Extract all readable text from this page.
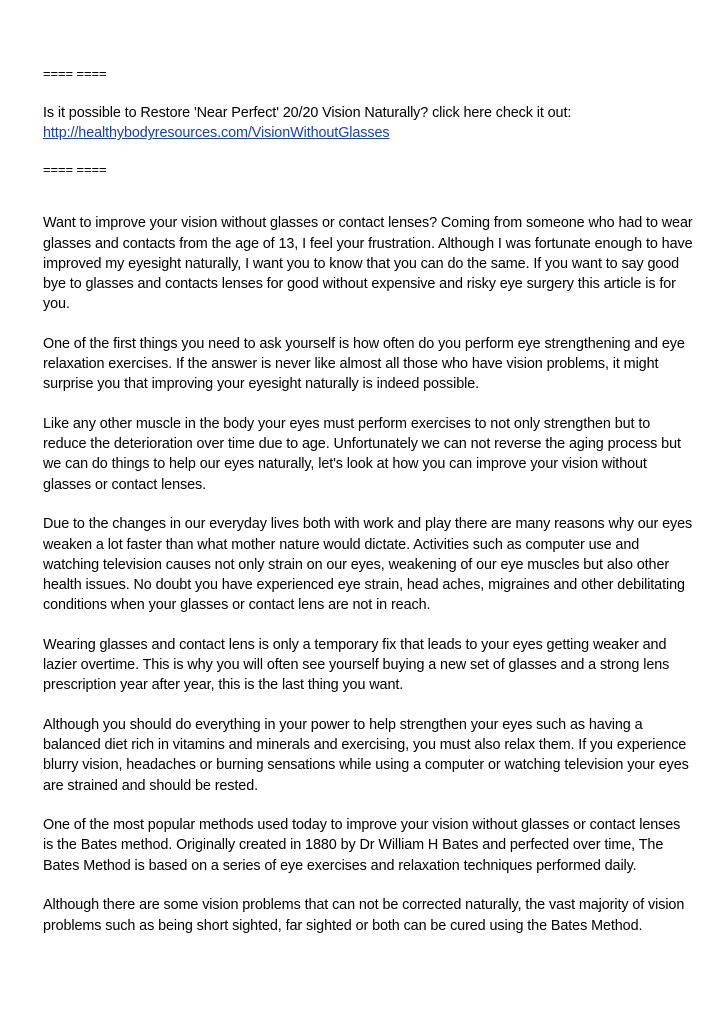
==== ====

Is it possible to Restore 'Near Perfect' 20/20 Vision Naturally? click here check it out:

http://healthybodyresources.com/VisionWithoutGlasses

==== ====

Want to improve your vision without glasses or contact lenses? Coming from someone who had to wear glasses and contacts from the age of 13, I feel your frustration. Although I was fortunate enough to have improved my eyesight naturally, I want you to know that you can do the same. If you want to say good bye to glasses and contacts lenses for good without expensive and risky eye surgery this article is for you.

One of the first things you need to ask yourself is how often do you perform eye strengthening and eye relaxation exercises. If the answer is never like almost all those who have vision problems, it might surprise you that improving your eyesight naturally is indeed possible.

Like any other muscle in the body your eyes must perform exercises to not only strengthen but to reduce the deterioration over time due to age. Unfortunately we can not reverse the aging process but we can do things to help our eyes naturally, let's look at how you can improve your vision without glasses or contact lenses.

Due to the changes in our everyday lives both with work and play there are many reasons why our eyes weaken a lot faster than what mother nature would dictate. Activities such as computer use and watching television causes not only strain on our eyes, weakening of our eye muscles but also other health issues. No doubt you have experienced eye strain, head aches, migraines and other debilitating conditions when your glasses or contact lens are not in reach.

Wearing glasses and contact lens is only a temporary fix that leads to your eyes getting weaker and lazier overtime. This is why you will often see yourself buying a new set of glasses and a strong lens prescription year after year, this is the last thing you want.

Although you should do everything in your power to help strengthen your eyes such as having a balanced diet rich in vitamins and minerals and exercising, you must also relax them. If you experience blurry vision, headaches or burning sensations while using a computer or watching television your eyes are strained and should be rested.

One of the most popular methods used today to improve your vision without glasses or contact lenses is the Bates method. Originally created in 1880 by Dr William H Bates and perfected over time, The Bates Method is based on a series of eye exercises and relaxation techniques performed daily.

Although there are some vision problems that can not be corrected naturally, the vast majority of vision problems such as being short sighted, far sighted or both can be cured using the Bates Method.
